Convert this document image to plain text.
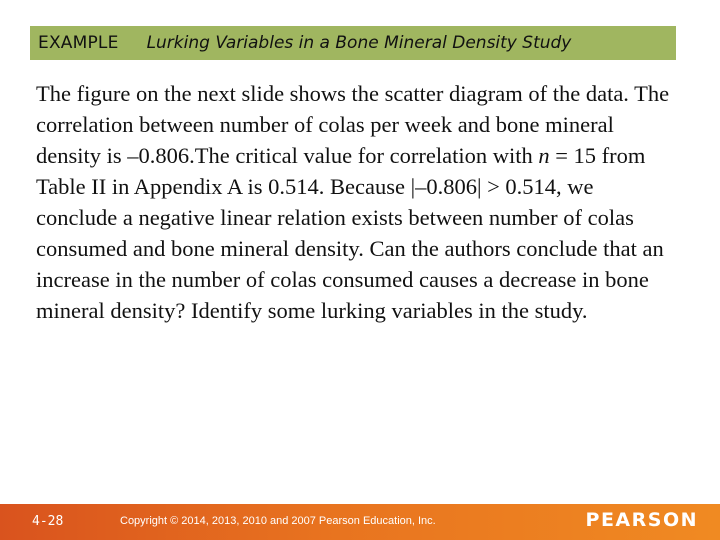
EXAMPLE Lurking Variables in a Bone Mineral Density Study

The figure on the next slide shows the scatter diagram of the data. The correlation between number of colas per week and bone mineral density is –0.806.The critical value for correlation with n = 15 from Table II in Appendix A is 0.514. Because |–0.806| > 0.514, we conclude a negative linear relation exists between number of colas consumed and bone mineral density. Can the authors conclude that an increase in the number of colas consumed causes a decrease in bone mineral density? Identify some lurking variables in the study.

4-28	Copyright © 2014, 2013, 2010 and 2007 Pearson Education, Inc.	PEARSON
